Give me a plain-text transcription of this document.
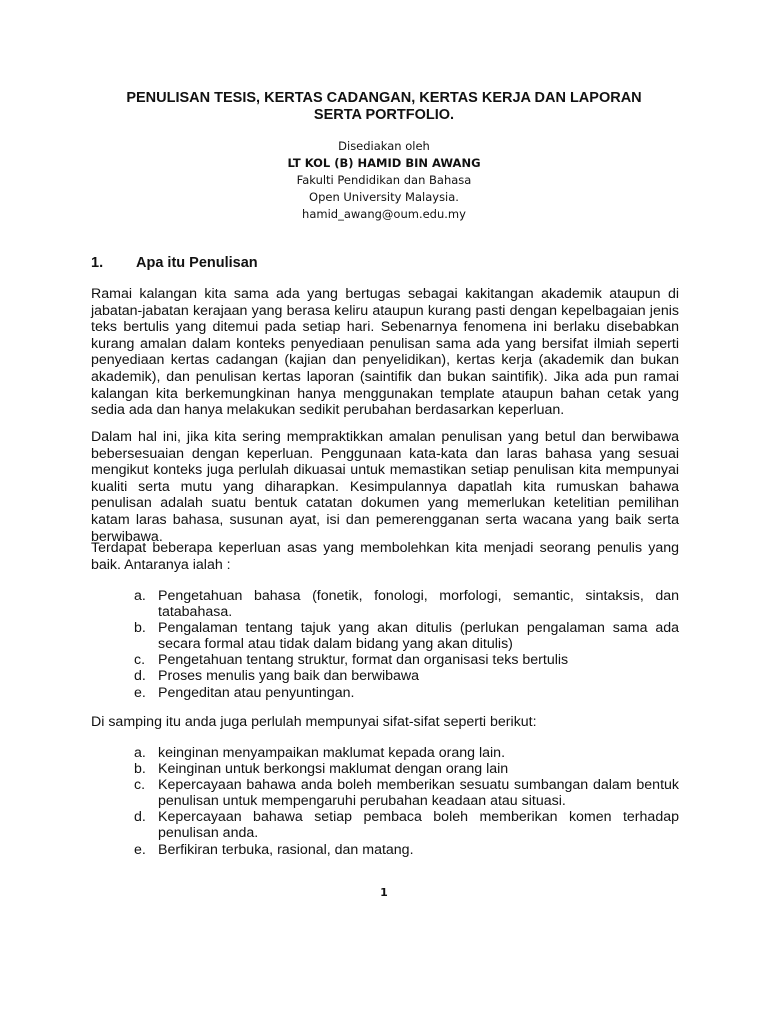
PENULISAN TESIS, KERTAS CADANGAN, KERTAS KERJA DAN LAPORAN
SERTA PORTFOLIO.
Disediakan oleh
LT KOL (B) HAMID BIN AWANG
Fakulti Pendidikan dan Bahasa
Open University Malaysia.
hamid_awang@oum.edu.my
1. Apa itu Penulisan

Ramai kalangan kita sama ada yang bertugas sebagai kakitangan akademik ataupun di jabatan-jabatan kerajaan yang berasa keliru ataupun kurang pasti dengan kepelbagaian jenis teks bertulis yang ditemui pada setiap hari. Sebenarnya fenomena ini berlaku disebabkan kurang amalan dalam konteks penyediaan penulisan sama ada yang bersifat ilmiah seperti penyediaan kertas cadangan (kajian dan penyelidikan), kertas kerja (akademik dan bukan akademik), dan penulisan kertas laporan (saintifik dan bukan saintifik). Jika ada pun ramai kalangan kita berkemungkinan hanya menggunakan template ataupun bahan cetak yang sedia ada dan hanya melakukan sedikit perubahan berdasarkan keperluan.

Dalam hal ini, jika kita sering mempraktikkan amalan penulisan yang betul dan berwibawa bebersesuaian dengan keperluan. Penggunaan kata-kata dan laras bahasa yang sesuai mengikut konteks juga perlulah dikuasai untuk memastikan setiap penulisan kita mempunyai kualiti serta mutu yang diharapkan. Kesimpulannya dapatlah kita rumuskan bahawa penulisan adalah suatu bentuk catatan dokumen yang memerlukan ketelitian pemilihan katam laras bahasa, susunan ayat, isi dan pemerengganan serta wacana yang baik serta berwibawa.

Terdapat beberapa keperluan asas yang membolehkan kita menjadi seorang penulis yang baik. Antaranya ialah :

a. Pengetahuan bahasa (fonetik, fonologi, morfologi, semantic, sintaksis, dan tatabahasa.
b. Pengalaman tentang tajuk yang akan ditulis (perlukan pengalaman sama ada secara formal atau tidak dalam bidang yang akan ditulis)
c. Pengetahuan tentang struktur, format dan organisasi teks bertulis
d. Proses menulis yang baik dan berwibawa
e. Pengeditan atau penyuntingan.

Di samping itu anda juga perlulah mempunyai sifat-sifat seperti berikut:

a. keinginan menyampaikan maklumat kepada orang lain.
b. Keinginan untuk berkongsi maklumat dengan orang lain
c. Kepercayaan bahawa anda boleh memberikan sesuatu sumbangan dalam bentuk penulisan untuk mempengaruhi perubahan keadaan atau situasi.
d. Kepercayaan bahawa setiap pembaca boleh memberikan komen terhadap penulisan anda.
e. Berfikiran terbuka, rasional, dan matang.
1
